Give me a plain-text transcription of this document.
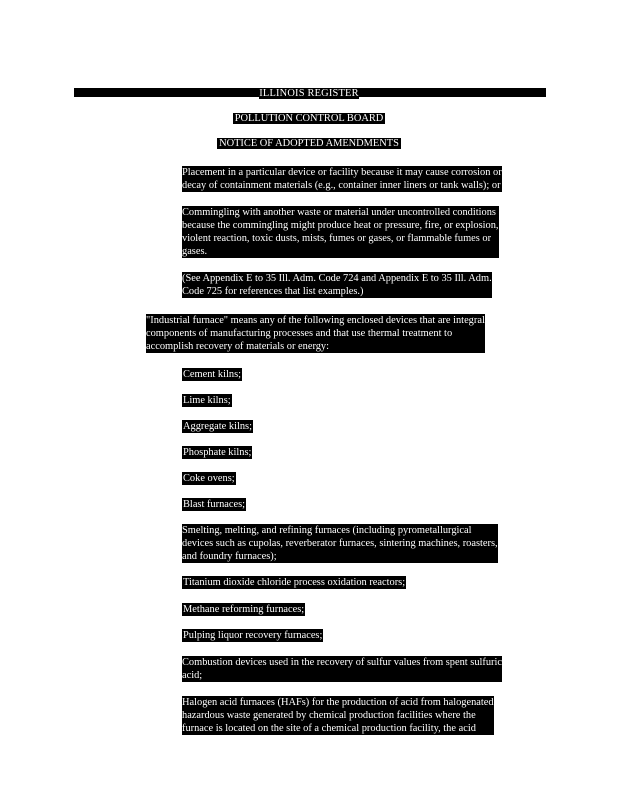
ILLINOIS REGISTER
POLLUTION CONTROL BOARD
NOTICE OF ADOPTED AMENDMENTS
Placement in a particular device or facility because it may cause corrosion or
decay of containment materials (e.g., container inner liners or tank walls); or
Commingling with another waste or material under uncontrolled conditions
because the commingling might produce heat or pressure, fire, or explosion,
violent reaction, toxic dusts, mists, fumes or gases, or flammable fumes or
gases.
(See Appendix E to 35 Ill. Adm. Code 724 and Appendix E to 35 Ill. Adm.
Code 725 for references that list examples.)
"Industrial furnace" means any of the following enclosed devices that are integral
components of manufacturing processes and that use thermal treatment to
accomplish recovery of materials or energy:
Cement kilns;
Lime kilns;
Aggregate kilns;
Phosphate kilns;
Coke ovens;
Blast furnaces;
Smelting, melting, and refining furnaces (including pyrometallurgical
devices such as cupolas, reverberator furnaces, sintering machines, roasters,
and foundry furnaces);
Titanium dioxide chloride process oxidation reactors;
Methane reforming furnaces;
Pulping liquor recovery furnaces;
Combustion devices used in the recovery of sulfur values from spent sulfuric
acid;
Halogen acid furnaces (HAFs) for the production of acid from halogenated
hazardous waste generated by chemical production facilities where the
furnace is located on the site of a chemical production facility, the acid
